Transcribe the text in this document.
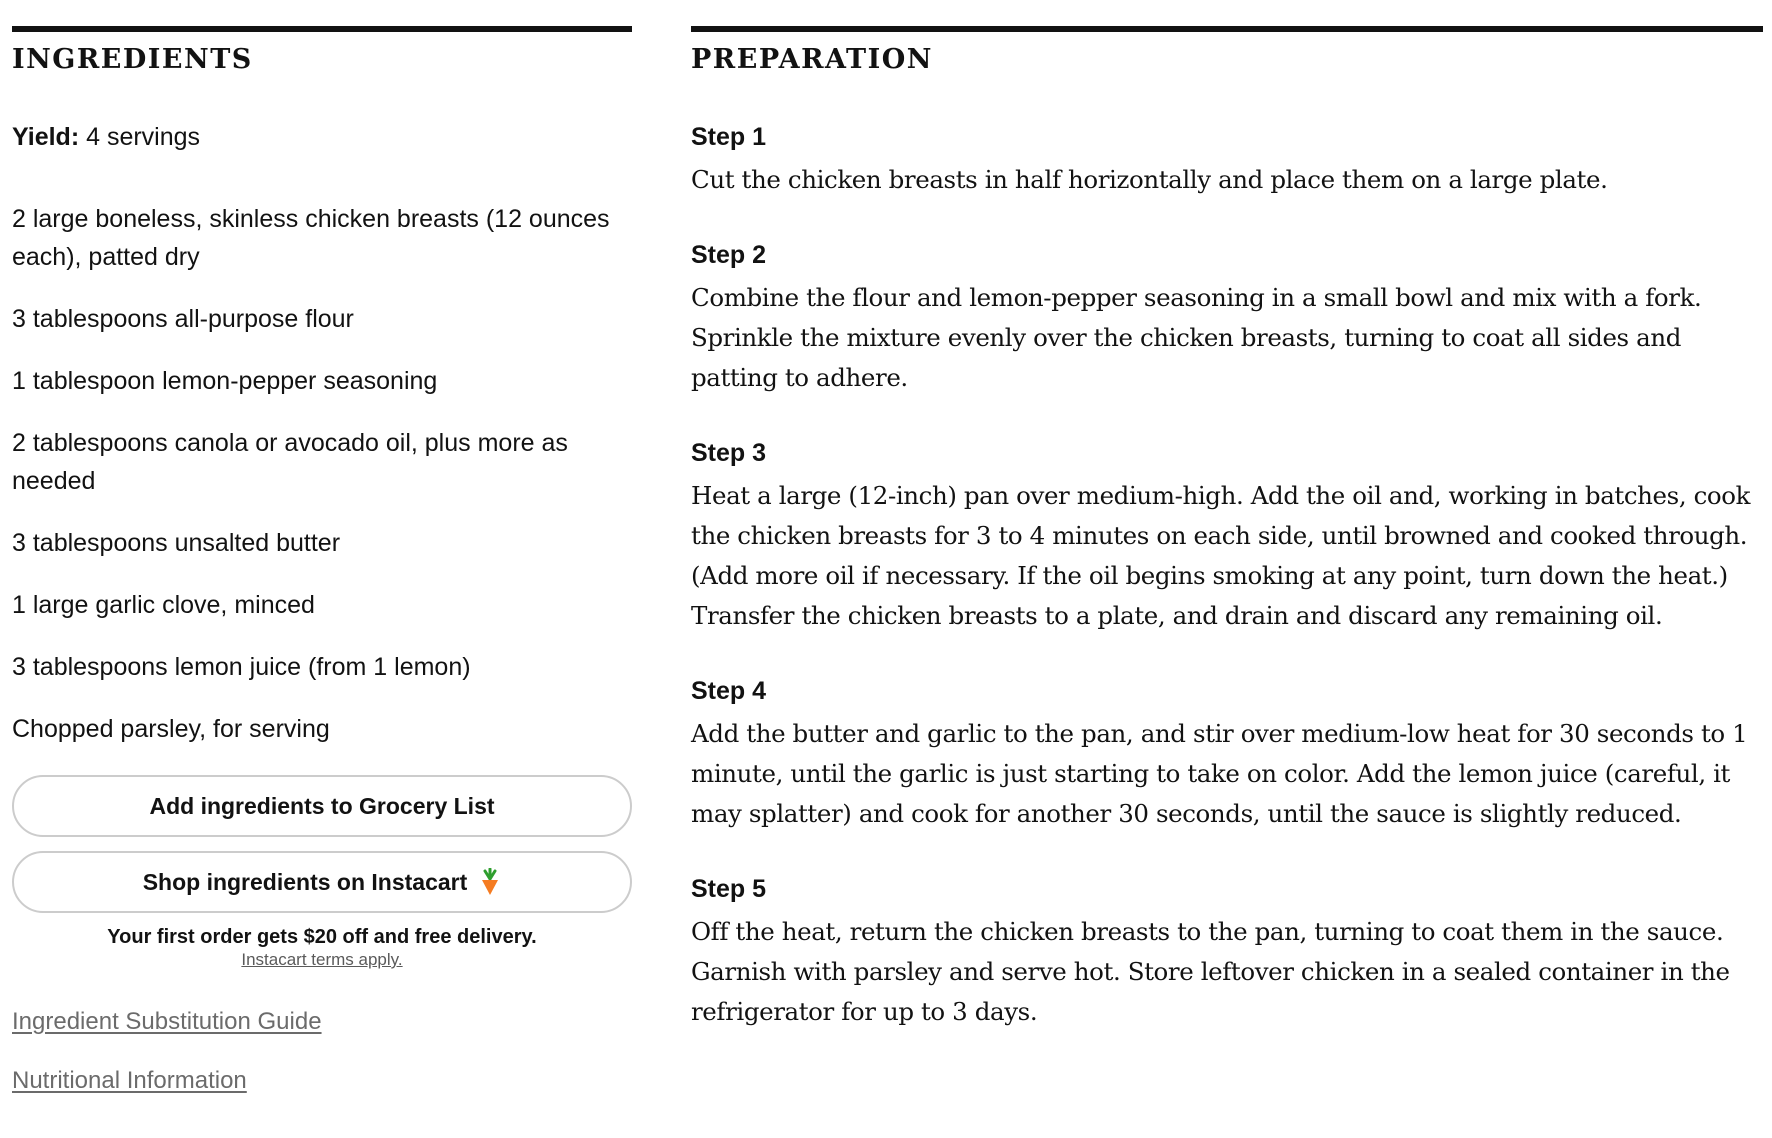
INGREDIENTS
Yield: 4 servings
2 large boneless, skinless chicken breasts (12 ounces each), patted dry
3 tablespoons all-purpose flour
1 tablespoon lemon-pepper seasoning
2 tablespoons canola or avocado oil, plus more as needed
3 tablespoons unsalted butter
1 large garlic clove, minced
3 tablespoons lemon juice (from 1 lemon)
Chopped parsley, for serving
Add ingredients to Grocery List
Shop ingredients on Instacart
Your first order gets $20 off and free delivery.
Instacart terms apply.
Ingredient Substitution Guide
Nutritional Information
PREPARATION
Step 1
Cut the chicken breasts in half horizontally and place them on a large plate.
Step 2
Combine the flour and lemon-pepper seasoning in a small bowl and mix with a fork. Sprinkle the mixture evenly over the chicken breasts, turning to coat all sides and patting to adhere.
Step 3
Heat a large (12-inch) pan over medium-high. Add the oil and, working in batches, cook the chicken breasts for 3 to 4 minutes on each side, until browned and cooked through. (Add more oil if necessary. If the oil begins smoking at any point, turn down the heat.) Transfer the chicken breasts to a plate, and drain and discard any remaining oil.
Step 4
Add the butter and garlic to the pan, and stir over medium-low heat for 30 seconds to 1 minute, until the garlic is just starting to take on color. Add the lemon juice (careful, it may splatter) and cook for another 30 seconds, until the sauce is slightly reduced.
Step 5
Off the heat, return the chicken breasts to the pan, turning to coat them in the sauce. Garnish with parsley and serve hot. Store leftover chicken in a sealed container in the refrigerator for up to 3 days.
